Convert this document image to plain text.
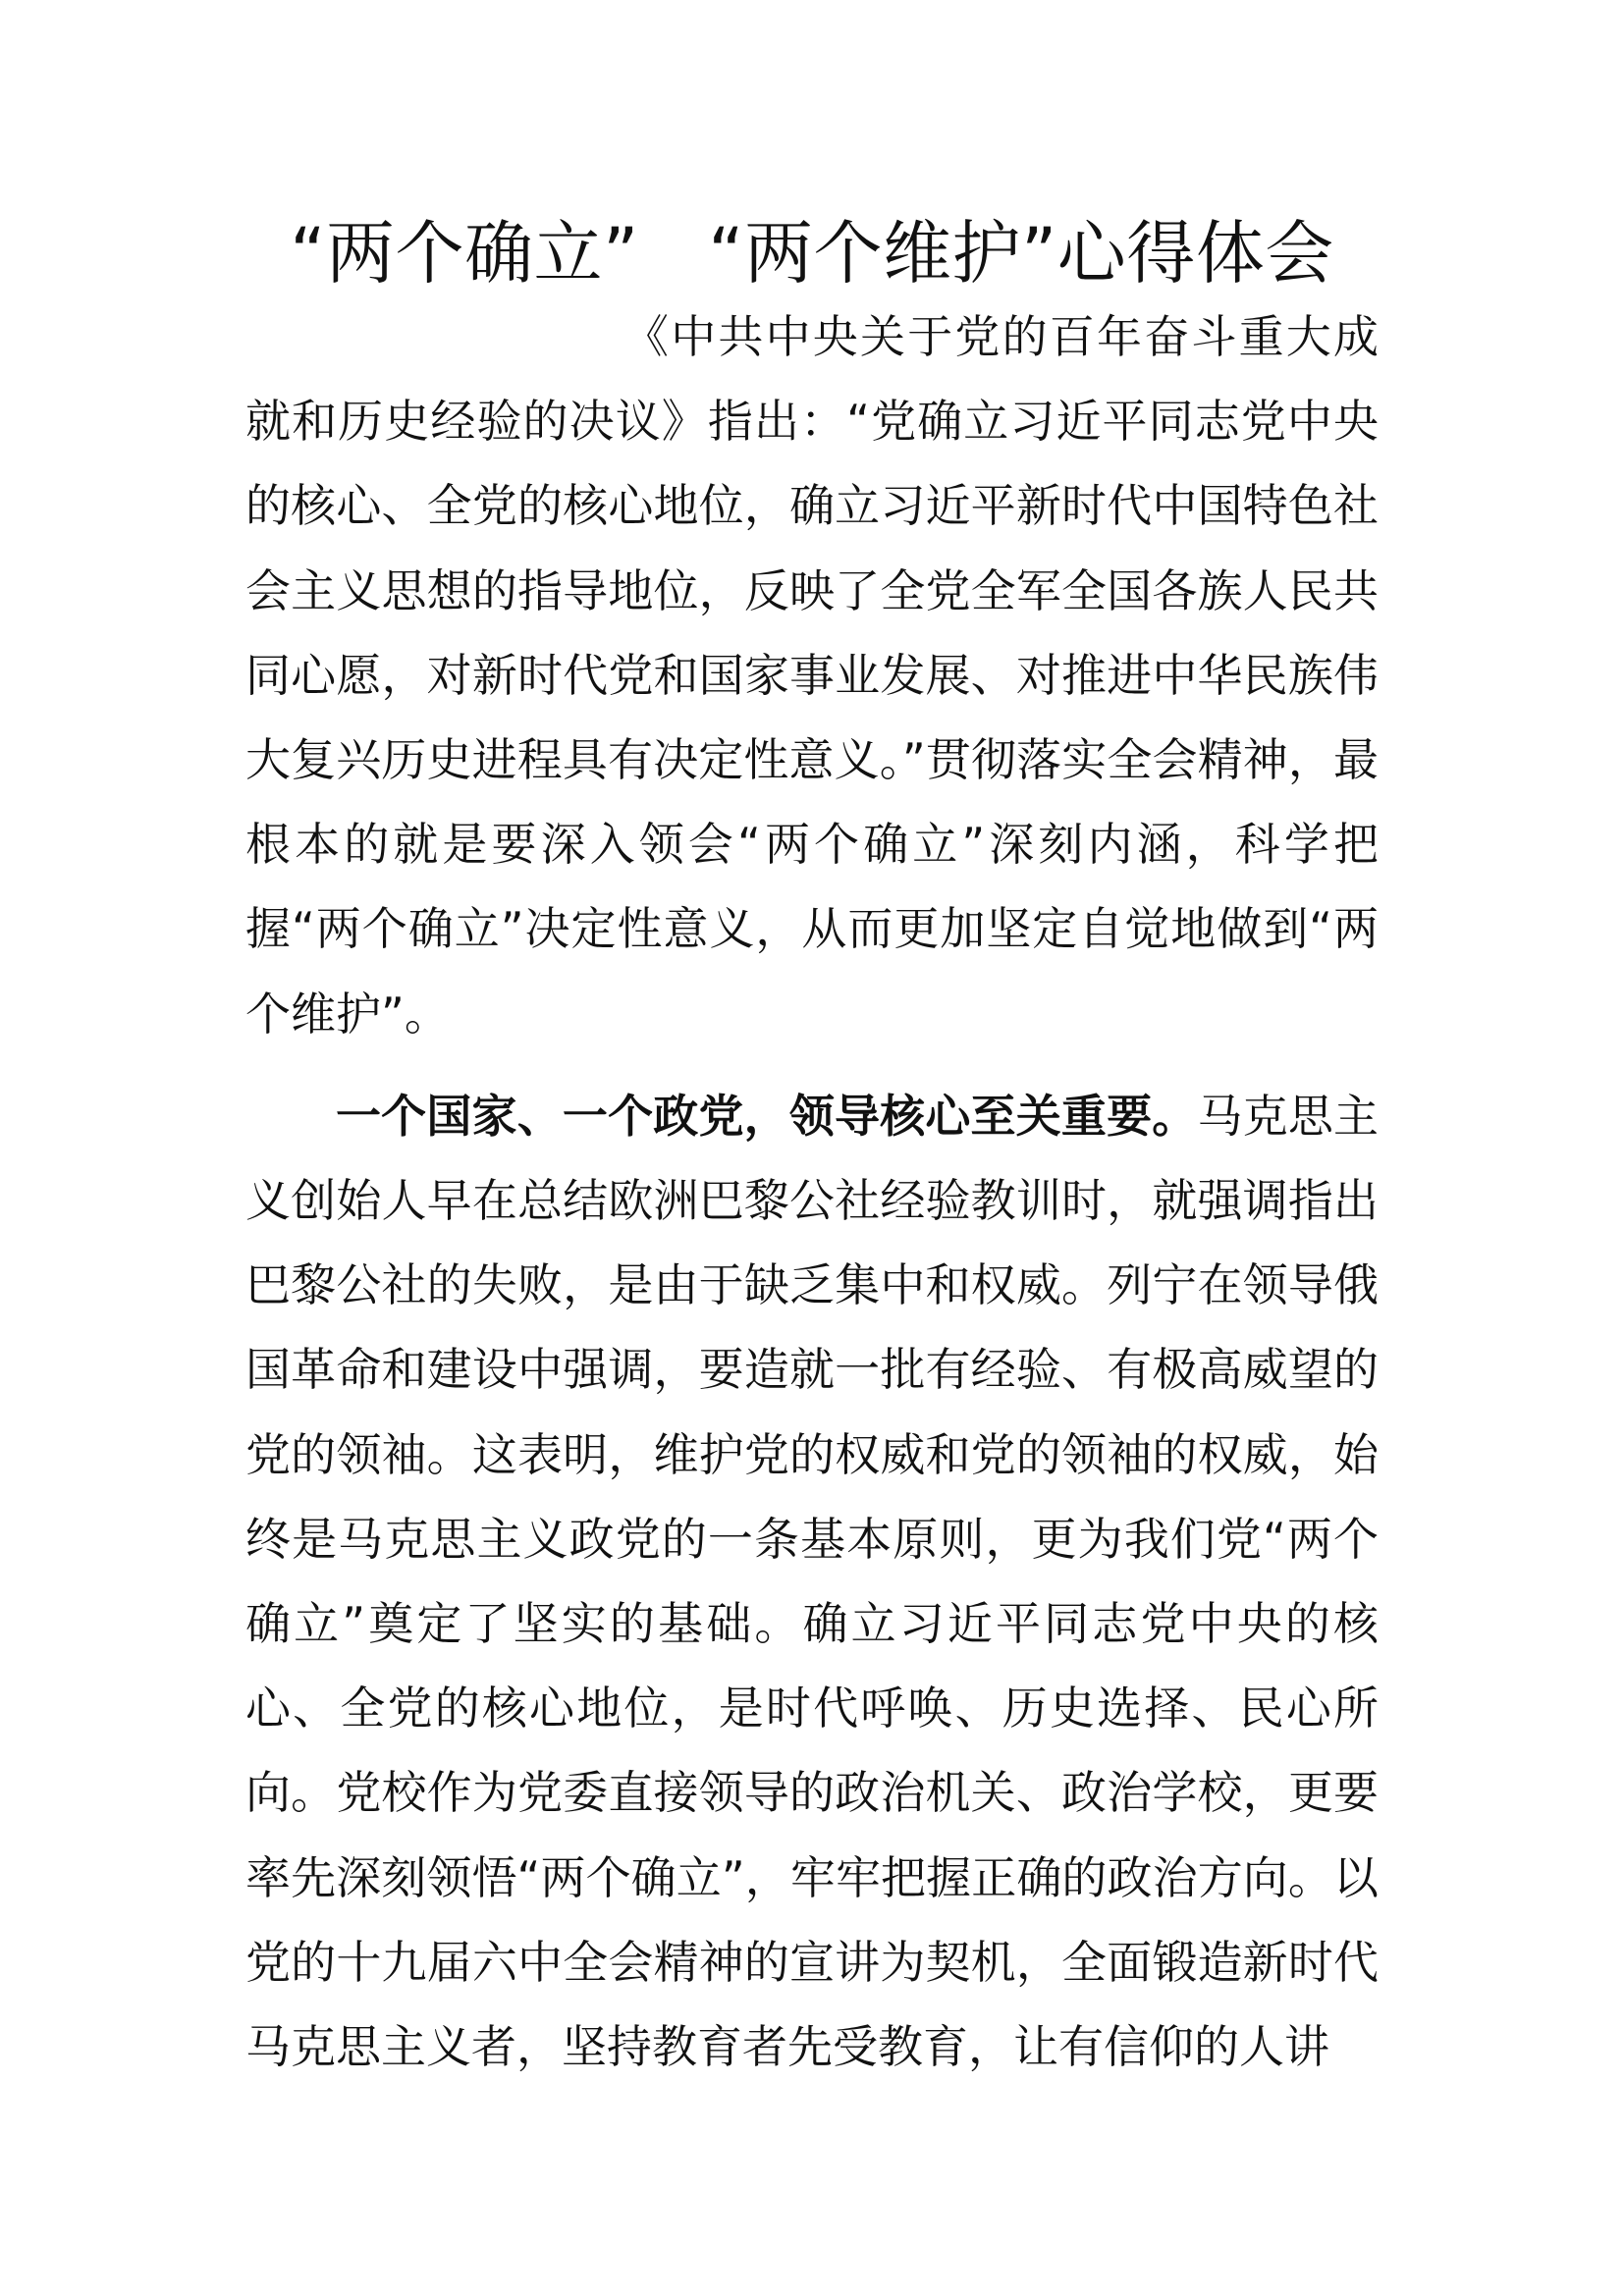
“两个确立”　“两个维护”心得体会

《中共中央关于党的百年奋斗重大成就和历史经验的决议》指出：“党确立习近平同志党中央的核心、全党的核心地位，确立习近平新时代中国特色社会主义思想的指导地位，反映了全党全军全国各族人民共同心愿，对新时代党和国家事业发展、对推进中华民族伟大复兴历史进程具有决定性意义。”贯彻落实全会精神，最根本的就是要深入领会“两个确立”深刻内涵，科学把握“两个确立”决定性意义，从而更加坚定自觉地做到“两个维护”。

一个国家、一个政党，领导核心至关重要。马克思主义创始人早在总结欧洲巴黎公社经验教训时，就强调指出巴黎公社的失败，是由于缺乏集中和权威。列宁在领导俄国革命和建设中强调，要造就一批有经验、有极高威望的党的领袖。这表明，维护党的权威和党的领袖的权威，始终是马克思主义政党的一条基本原则，更为我们党“两个确立”奠定了坚实的基础。确立习近平同志党中央的核心、全党的核心地位，是时代呼唤、历史选择、民心所向。党校作为党委直接领导的政治机关、政治学校，更要率先深刻领悟“两个确立”，牢牢把握正确的政治方向。以党的十九届六中全会精神的宣讲为契机，全面锻造新时代马克思主义者，坚持教育者先受教育，让有信仰的人讲
